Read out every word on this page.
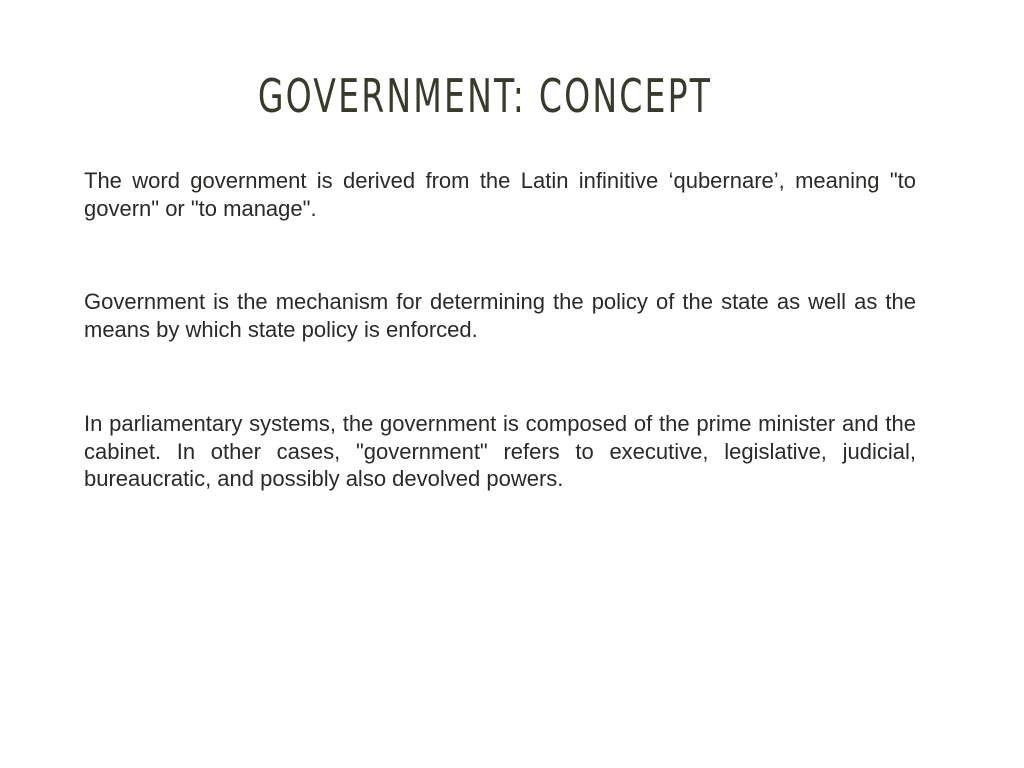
GOVERNMENT: CONCEPT

The word government is derived from the Latin infinitive ‘qubernare’, meaning "to govern" or "to manage".

Government is the mechanism for determining the policy of the state as well as the means by which state policy is enforced.

In parliamentary systems, the government is composed of the prime minister and the cabinet. In other cases, "government" refers to executive, legislative, judicial, bureaucratic, and possibly also devolved powers.
